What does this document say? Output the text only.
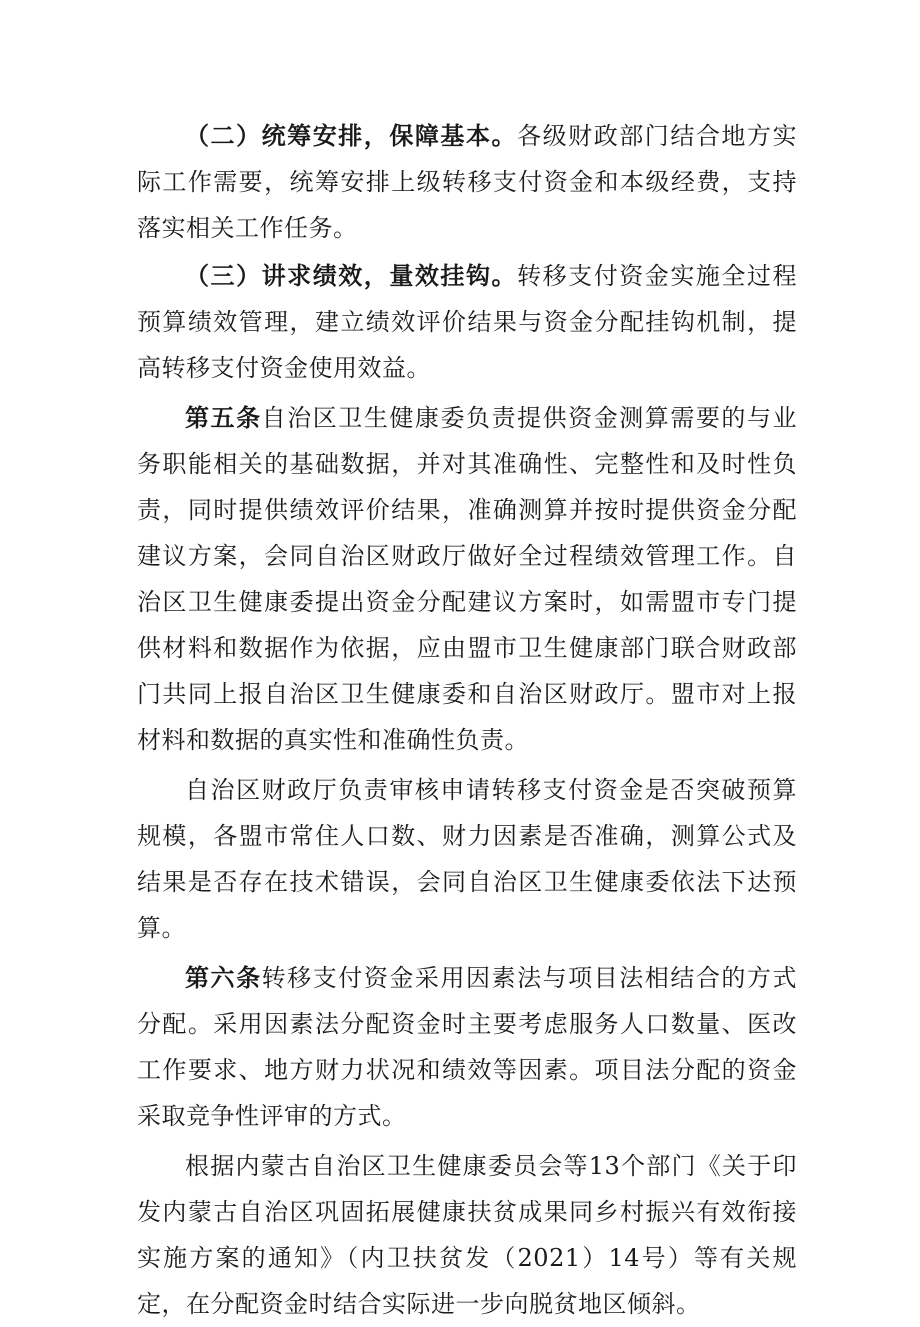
（二）统筹安排，保障基本。各级财政部门结合地方实际工作需要，统筹安排上级转移支付资金和本级经费，支持落实相关工作任务。

（三）讲求绩效，量效挂钩。转移支付资金实施全过程预算绩效管理，建立绩效评价结果与资金分配挂钩机制，提高转移支付资金使用效益。

第五条自治区卫生健康委负责提供资金测算需要的与业务职能相关的基础数据，并对其准确性、完整性和及时性负责，同时提供绩效评价结果，准确测算并按时提供资金分配建议方案，会同自治区财政厅做好全过程绩效管理工作。自治区卫生健康委提出资金分配建议方案时，如需盟市专门提供材料和数据作为依据，应由盟市卫生健康部门联合财政部门共同上报自治区卫生健康委和自治区财政厅。盟市对上报材料和数据的真实性和准确性负责。

自治区财政厅负责审核申请转移支付资金是否突破预算规模，各盟市常住人口数、财力因素是否准确，测算公式及结果是否存在技术错误，会同自治区卫生健康委依法下达预算。

第六条转移支付资金采用因素法与项目法相结合的方式分配。采用因素法分配资金时主要考虑服务人口数量、医改工作要求、地方财力状况和绩效等因素。项目法分配的资金采取竞争性评审的方式。

根据内蒙古自治区卫生健康委员会等13个部门《关于印发内蒙古自治区巩固拓展健康扶贫成果同乡村振兴有效衔接实施方案的通知》（内卫扶贫发（2021）14号）等有关规定，在分配资金时结合实际进一步向脱贫地区倾斜。
